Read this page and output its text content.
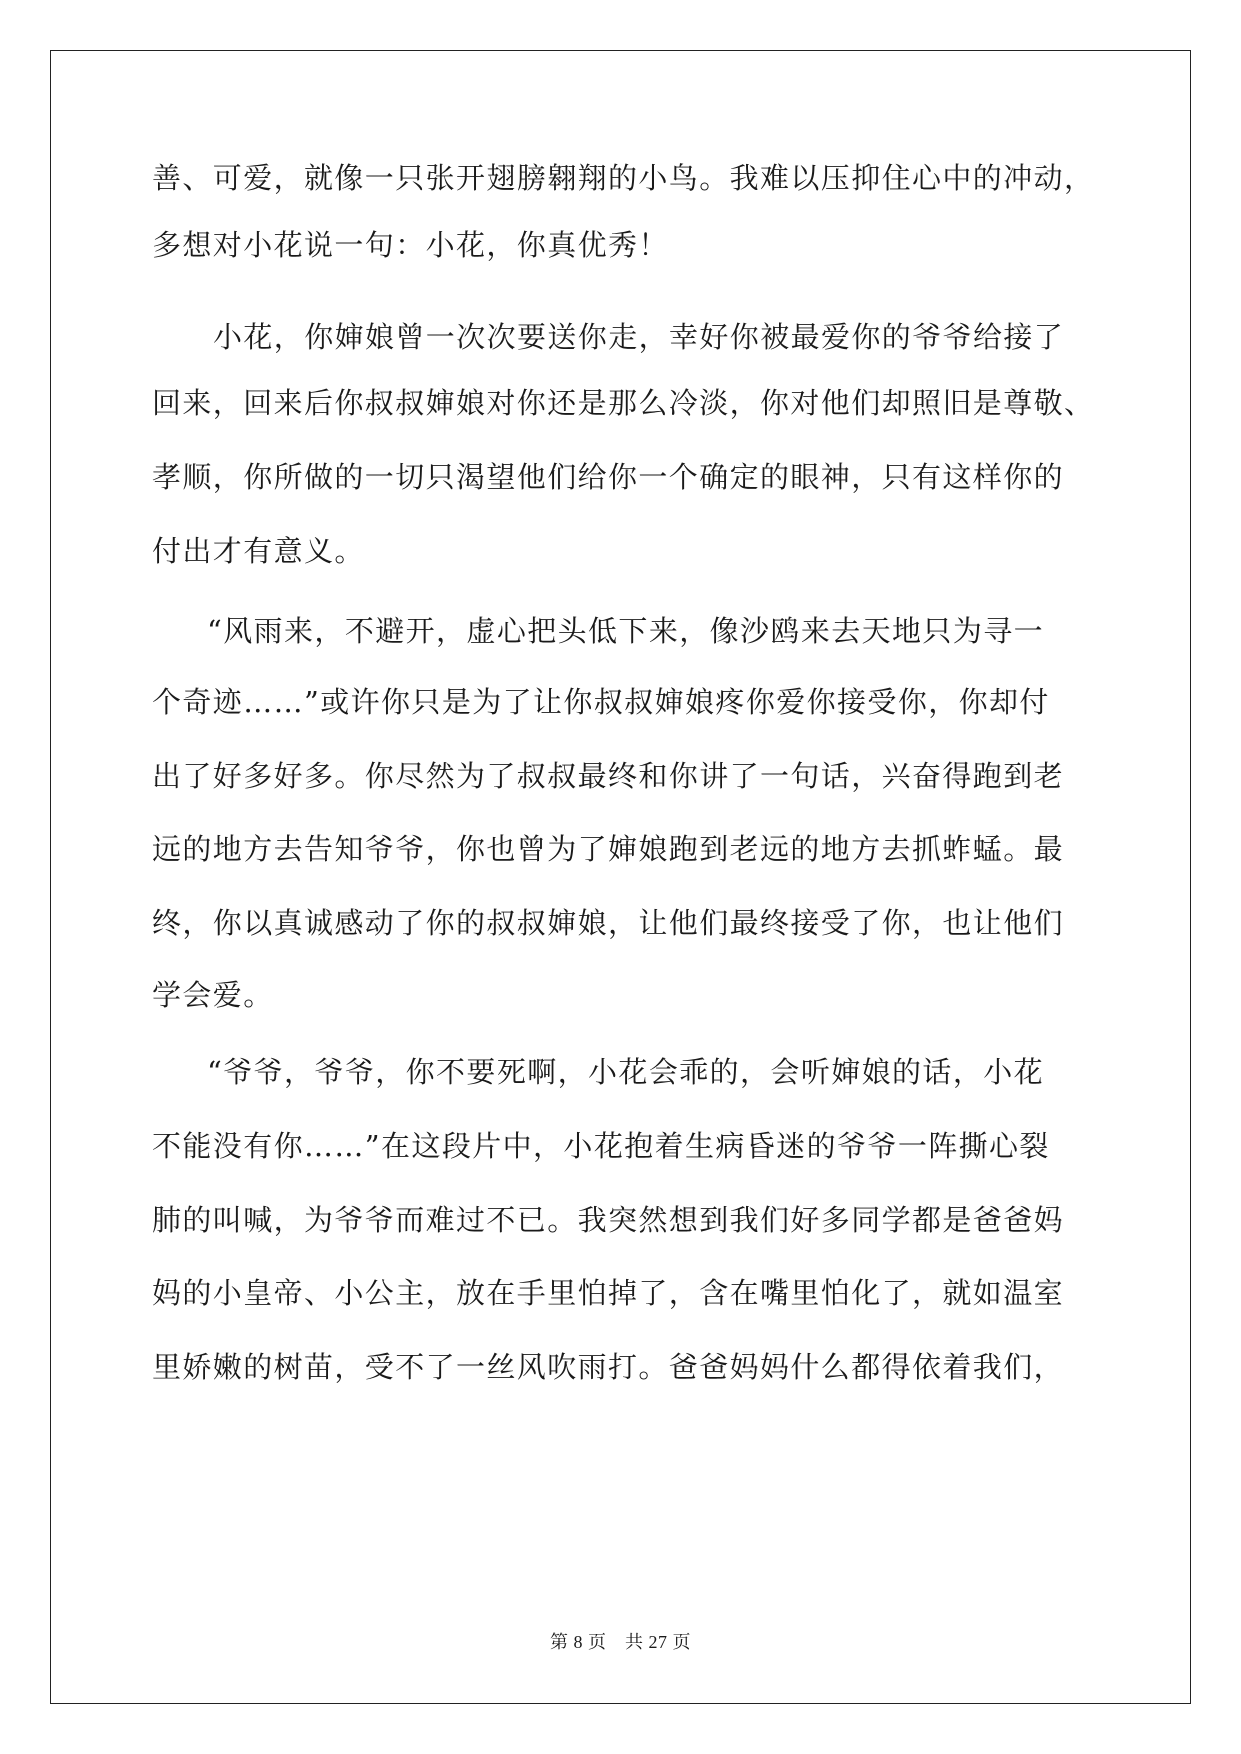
善、可爱，就像一只张开翅膀翱翔的小鸟。我难以压抑住心中的冲动，
多想对小花说一句：小花，你真优秀！
小花，你婶娘曾一次次要送你走，幸好你被最爱你的爷爷给接了
回来，回来后你叔叔婶娘对你还是那么冷淡，你对他们却照旧是尊敬、
孝顺，你所做的一切只渴望他们给你一个确定的眼神，只有这样你的
付出才有意义。
“风雨来，不避开，虚心把头低下来，像沙鸥来去天地只为寻一
个奇迹……”或许你只是为了让你叔叔婶娘疼你爱你接受你，你却付
出了好多好多。你尽然为了叔叔最终和你讲了一句话，兴奋得跑到老
远的地方去告知爷爷，你也曾为了婶娘跑到老远的地方去抓蚱蜢。最
终，你以真诚感动了你的叔叔婶娘，让他们最终接受了你，也让他们
学会爱。
“爷爷，爷爷，你不要死啊，小花会乖的，会听婶娘的话，小花
不能没有你……”在这段片中，小花抱着生病昏迷的爷爷一阵撕心裂
肺的叫喊，为爷爷而难过不已。我突然想到我们好多同学都是爸爸妈
妈的小皇帝、小公主，放在手里怕掉了，含在嘴里怕化了，就如温室
里娇嫩的树苗，受不了一丝风吹雨打。爸爸妈妈什么都得依着我们，
第 8 页　共 27 页
